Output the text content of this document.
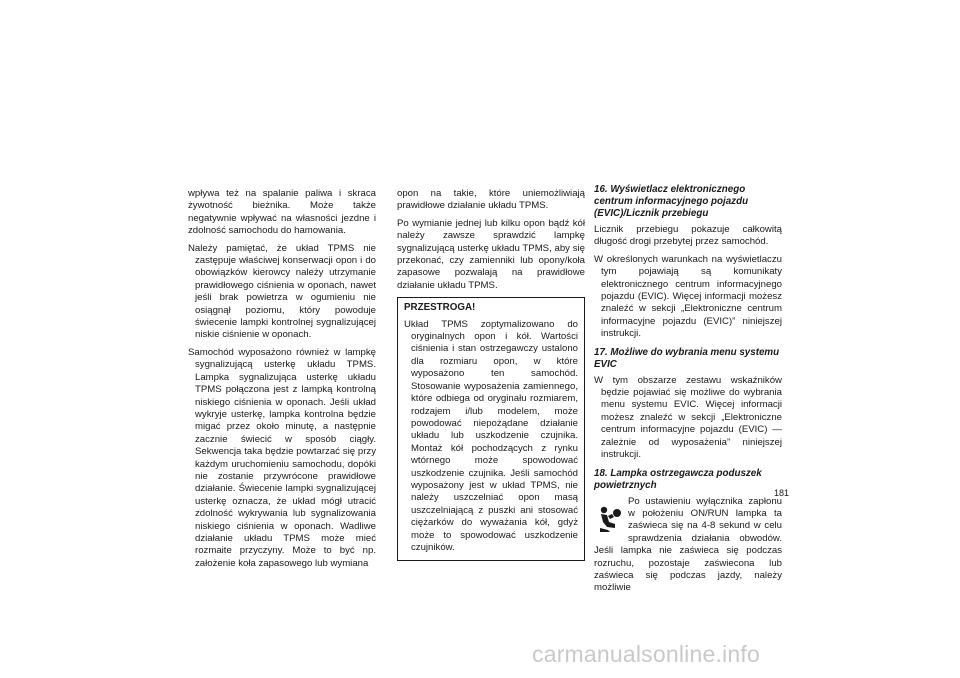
wpływa też na spalanie paliwa i skraca żywotność bieżnika. Może także negatywnie wpływać na własności jezdne i zdolność samochodu do hamowania.

Należy pamiętać, że układ TPMS nie zastępuje właściwej konserwacji opon i do obowiązków kierowcy należy utrzymanie prawidłowego ciśnienia w oponach, nawet jeśli brak powietrza w ogumieniu nie osiągnął poziomu, który powoduje świecenie lampki kontrolnej sygnalizującej niskie ciśnienie w oponach.

Samochód wyposażono również w lampkę sygnalizującą usterkę układu TPMS. Lampka sygnalizująca usterkę układu TPMS połączona jest z lampką kontrolną niskiego ciśnienia w oponach. Jeśli układ wykryje usterkę, lampka kontrolna będzie migać przez około minutę, a następnie zacznie świecić w sposób ciągły. Sekwencja taka będzie powtarzać się przy każdym uruchomieniu samochodu, dopóki nie zostanie przywrócone prawidłowe działanie. Świecenie lampki sygnalizującej usterkę oznacza, że układ mógł utracić zdolność wykrywania lub sygnalizowania niskiego ciśnienia w oponach. Wadliwe działanie układu TPMS może mieć rozmaite przyczyny. Może to być np. założenie koła zapasowego lub wymiana

opon na takie, które uniemożliwiają prawidłowe działanie układu TPMS.

Po wymianie jednej lub kilku opon bądź kół należy zawsze sprawdzić lampkę sygnalizującą usterkę układu TPMS, aby się przekonać, czy zamienniki lub opony/koła zapasowe pozwalają na prawidłowe działanie układu TPMS.

PRZESTROGA!

Układ TPMS zoptymalizowano do oryginalnych opon i kół. Wartości ciśnienia i stan ostrzegawczy ustalono dla rozmiaru opon, w które wyposażono ten samochód. Stosowanie wyposażenia zamiennego, które odbiega od oryginału rozmiarem, rodzajem i/lub modelem, może powodować niepożądane działanie układu lub uszkodzenie czujnika. Montaż kół pochodzących z rynku wtórnego może spowodować uszkodzenie czujnika. Jeśli samochód wyposażony jest w układ TPMS, nie należy uszczelniać opon masą uszczelniającą z puszki ani stosować ciężarków do wyważania kół, gdyż może to spowodować uszkodzenie czujników.

16. Wyświetlacz elektronicznego centrum informacyjnego pojazdu (EVIC)/Licznik przebiegu

Licznik przebiegu pokazuje całkowitą długość drogi przebytej przez samochód.

W określonych warunkach na wyświetlaczu tym pojawiają są komunikaty elektronicznego centrum informacyjnego pojazdu (EVIC). Więcej informacji możesz znaleźć w sekcji „Elektroniczne centrum informacyjne pojazdu (EVIC)” niniejszej instrukcji.

17. Możliwe do wybrania menu systemu EVIC

W tym obszarze zestawu wskaźników będzie pojawiać się możliwe do wybrania menu systemu EVIC. Więcej informacji możesz znaleźć w sekcji „Elektroniczne centrum informacyjne pojazdu (EVIC) — zależnie od wyposażenia” niniejszej instrukcji.

18. Lampka ostrzegawcza poduszek powietrznych

Po ustawieniu wyłącznika zapłonu w położeniu ON/RUN lampka ta zaświeca się na 4-8 sekund w celu sprawdzenia działania obwodów. Jeśli lampka nie zaświeca się podczas rozruchu, pozostaje zaświecona lub zaświeca się podczas jazdy, należy możliwie

181
carmanualsonline.info
